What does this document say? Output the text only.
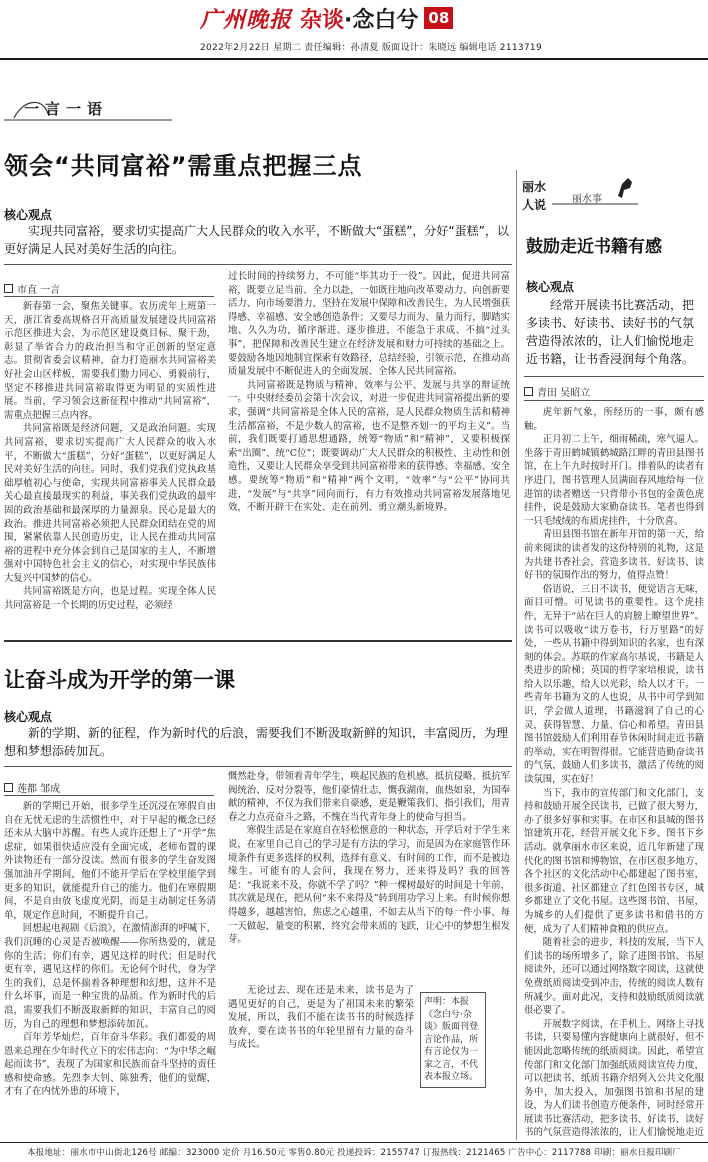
广州晚报 杂谈 ·念白兮 08
2022年2月22日 星期二 责任编辑：孙清夏 版面设计：朱晓远 编辑电话 2113719
一言一语
领会“共同富裕”需重点把握三点
核心观点
实现共同富裕，要求切实提高广大人民群众的收入水平，不断做大“蛋糕”，分好“蛋糕”，以更好满足人民对美好生活的向往。
市直 一言

新春第一会，聚焦关键事。农历虎年上班第一天，浙江省委高规格召开高质量发展建设共同富裕示范区推进大会，为示范区建设奠目标、聚干劲，彰显了举省合力的政治担当和守正创新的坚定意志。贯彻省委会议精神，奋力打造丽水共同富裕美好社会山区样板，需要我们勠力同心、勇毅前行，坚定不移推进共同富裕取得更为明显的实质性进展。当前，学习领会这新征程中推动“共同富裕”，需重点把握三点内容。

共同富裕既是经济问题，又是政治问题。实现共同富裕，要求切实提高广大人民群众的收入水平，不断做大“蛋糕”，分好“蛋糕”，以更好满足人民对美好生活的向往。同时，我们党我们党执政基础厚植初心与使命，实现共同富裕事关人民群众最关心最直接最现实的利益，事关我们党执政的最牢固的政治基础和最深厚的力量源泉。民心是最大的政治。推进共同富裕必须把人民群众团结在党的周围，紧紧依靠人民创造历史，让人民在推动共同富裕的进程中充分体会到自己是国家的主人，不断增强对中国特色社会主义的信心，对实现中华民族伟大复兴中国梦的信心。

共同富裕既是方向，也是过程。实现全体人民共同富裕是一个长期的历史过程，必须经

过长时间的持续努力，不可能“毕其功于一役”。因此，促进共同富裕，既要立足当前、全力以赴，一如既往地向改革要动力、向创新要活力、向市场要潜力，坚持在发展中保障和改善民生，为人民增强获得感、幸福感、安全感创造条件；又要尽力而为、量力而行，脚踏实地、久久为功，循序渐进、逐步推进，不能急于求成、不搞“过头事”，把保障和改善民生建立在经济发展和财力可持续的基础之上。要鼓励各地因地制宜探索有效路径，总结经验，引领示范，在推动高质量发展中不断促进人的全面发展、全体人民共同富裕。

共同富裕既是物质与精神、效率与公平、发展与共享的辩证统一。中央财经委员会第十次会议，对进一步促进共同富裕提出新的要求，强调“共同富裕是全体人民的富裕，是人民群众物质生活和精神生活都富裕，不是少数人的富裕，也不是整齐划一的平均主义”。当前，我们既要打通思想通路，统筹“物质”和“精神”，又要积极探索“出圈”、统“C位”；既要调动广大人民群众的积极性、主动性和创造性，又要让人民群众享受到共同富裕带来的获得感、幸福感、安全感。要统筹“物质”和“精神”两个文明，“效率”与“公平”协同共进，“发展”与“共享”同向而行，有力有效推动共同富裕发展落地见效，不断开辟干在实处、走在前列、勇立潮头新境界。

让奋斗成为开学的第一课
核心观点
新的学期、新的征程，作为新时代的后浪，需要我们不断汲取新鲜的知识，丰富阅历，为理想和梦想添砖加瓦。
莲都 邹成

新的学期已开始，很多学生还沉浸在寒假自由自在无忧无虑的生活惯性中，对于早起的概念已经还未从大脑中苏醒。有些人或许还想上了“开学”焦虑症，如果很快适应没有全面完成，老师布置的课外读物还有一部分没读。然而有很多的学生奋发图强加油开学期间，他们不能开学后在学校里能学到更多的知识，就能提升自己的能力。他们在寒假期间，不是自由放飞虚度光阴，而是主动制定任务清单，规定作息时间，不断提升自己。

回想起电视剧《后浪》，在激情澎湃的呼喊下，我们沉睡的心灵是否被唤醒——你所热爱的，就是你的生活；你们有幸，遇见这样的时代；但是时代更有幸，遇见这样的你们。无论何个时代，身为学生的我们，总是怀揣着各种理想和幻想，这并不是什么坏事，而是一种宝贵的品质。作为新时代的后浪，需要我们不断汲取新鲜的知识，丰富自己的阅历，为自己的理想和梦想添砖加瓦。

百年芳华灿烂，百年奋斗华彩。我们都爱的周恩来总理在少年时代立下的宏伟志向：“为中华之崛起而读书”，表现了为国家和民族而奋斗坚持的责任感和使命感。先烈李大钊、陈独秀，他们的觉醒，才有了在内忧外患的环境下，

慨然赴身，带领着青年学生，唤起民族的危机感，抵抗侵略、抵抗军阀统治、反对分裂等，他们豪情壮志，慨我湖南，血热如泉，为国奉献的精神，不仅为我们带来自豪感，更是鞭策我们、指引我们，用青春之力点亮奋斗之路，不愧在当代青年身上的使命与担当。

寒假生活是在家庭自在轻松惬意的一种状态，开学后对于学生来说，在家里自己自己的学习是有方法的学习，而是因为在家庭管作环境条件有更多选择的权利，选择有意义、有时间的工作，而不是被边缘生。可能有的人会问，我现在努力，还来得及吗？我的回答是：“我说来不及，你就不学了吗？”种一棵树最好的时间是十年前，其次就是现在，把从何“来不来得及”转到用功学习上来。有时候你想得越多，越越害怕，焦虑之心越重，不如去从当下的每一件小事、每一天做起，量变的积累，终究会带来质的飞跃，让心中的梦想生根发芽。

无论过去、现在还是未来，读书是为了遇见更好的自己，更是为了祖国未来的繁荣发展，所以，我们不能在读书书的时候选择放弃，要在读书书的年轮里留有力量的奋斗与成长。

声明：本报《念白兮·杂谈》版面刊登言论作品，所有言论仅为一家之言，不代表本报立场。
丽水人说	丽水事
鼓励走近书籍有感
核心观点
经常开展读书比赛活动，把多读书、好读书、读好书的气氛营造得浓浓的，让人们愉悦地走近书籍，让书香浸润每个角落。
青田 吴昭立

虎年新气象，所经历的一事，颇有感触。

正月初二上午，细雨稀疏，寒气逼人。坐落于青田鹤城镇鹤城路江畔的青田县图书馆，在上午九时按时开门。排着队的读者有序进门，图书管理人员满面春风地给每一位进馆的读者赠送一只背带小书包的金黄色虎挂件，说是鼓励大家勤奋读书。笔者也得到一只毛绒绒的布质虎挂件，十分欣喜。

青田县图书馆在新年开馆的第一天，给前来阅读的读者发的这份特别的礼物，这是为共建书香社会，营造多读书、好读书、读好书的氛围作出的努力，值得点赞！

俗语说，三日不读书，便觉语言无味，面目可憎。可见读书的重要性。这个虎挂件，无异于“站在巨人的肩膀上瞭望世界”。读书可以吸收“读万卷书，行万里路”的好处，一些从书籍中得到知识的名家，也有深刻的体会。苏联的作家高尔基说，书籍是人类进步的阶梯；英国的哲学家培根说，读书给人以乐趣，给人以光彩，给人以才干。一些青年书籍为文的人也说，从书中可学到知识，学会做人道理，书籍滋润了自己的心灵，获得智慧、力量、信心和希望。青田县图书馆鼓励人们利用春节休闲时间走近书籍的举动，实在明智得很。它能营造勤奋读书的气氛，鼓励人们多读书，激活了传统的阅读氛围，实在好！

当下，我市的宣传部门和文化部门，支持和鼓励开展全民读书，已做了很大努力，办了很多好事和实事。在市区和县城的图书馆建筑开花，经营开展文化下乡、图书下乡活动。就拿丽水市区来说，近几年新建了现代化的图书馆和博物馆，在市区很多地方，各个社区的文化活动中心都建起了图书室，很多街道、社区都建立了红色图书专区，城乡都建立了文化书屋。这些图书馆、书屋，为城乡的人们提供了更多读书和借书的方便，成为了人们精神食粮的供应点。

随着社会的进步，科技的发展，当下人们读书的场所增多了，除了进图书馆、书屋阅读外，还可以通过网络数字阅读，这就使免费纸质阅读受到冲击，传统的阅读人数有所减少。面对此况，支持和鼓励纸质阅读就很必要了。

开展数字阅读，在手机上、网络上寻找书读，只要易懂内容健康向上就很好，但不能因此忽略传统的纸质阅读。因此，希望宣传部门和文化部门加强纸质阅读宣传力度，可以把读书、纸质书籍介绍列入公共文化服务中，加大投入，加强图书馆和书屋的建设，为人们读书创造方便条件，同时经常开展读书比赛活动，把多读书、好读书、读好书的气氛营造得浓浓的，让人们愉悦地走近

本报地址：丽水市中山街北126号 邮编：323000 定价 月16.50元 零售0.80元 投递投诉：2155747 订报热线：2121465 广告中心：2117788 印刷：丽水日报印刷厂
